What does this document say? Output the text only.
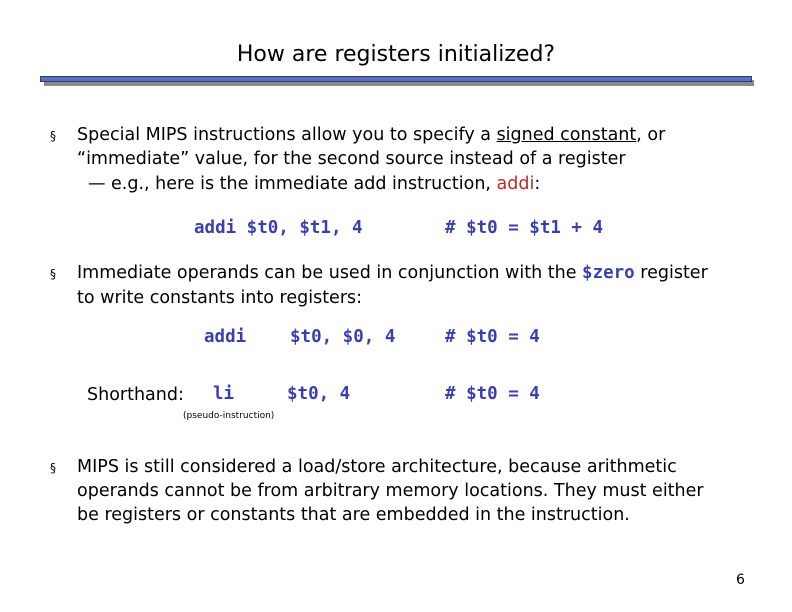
How are registers initialized?
§ Special MIPS instructions allow you to specify a signed constant, or
“immediate” value, for the second source instead of a register
— e.g., here is the immediate add instruction, addi:
addi $t0, $t1, 4	# $t0 = $t1 + 4
§ Immediate operands can be used in conjunction with the $zero register
to write constants into registers:
addi	$t0, $0, 4	# $t0 = 4
Shorthand: li	$t0, 4	# $t0 = 4
(pseudo-instruction)
§ MIPS is still considered a load/store architecture, because arithmetic
operands cannot be from arbitrary memory locations. They must either
be registers or constants that are embedded in the instruction.
6
